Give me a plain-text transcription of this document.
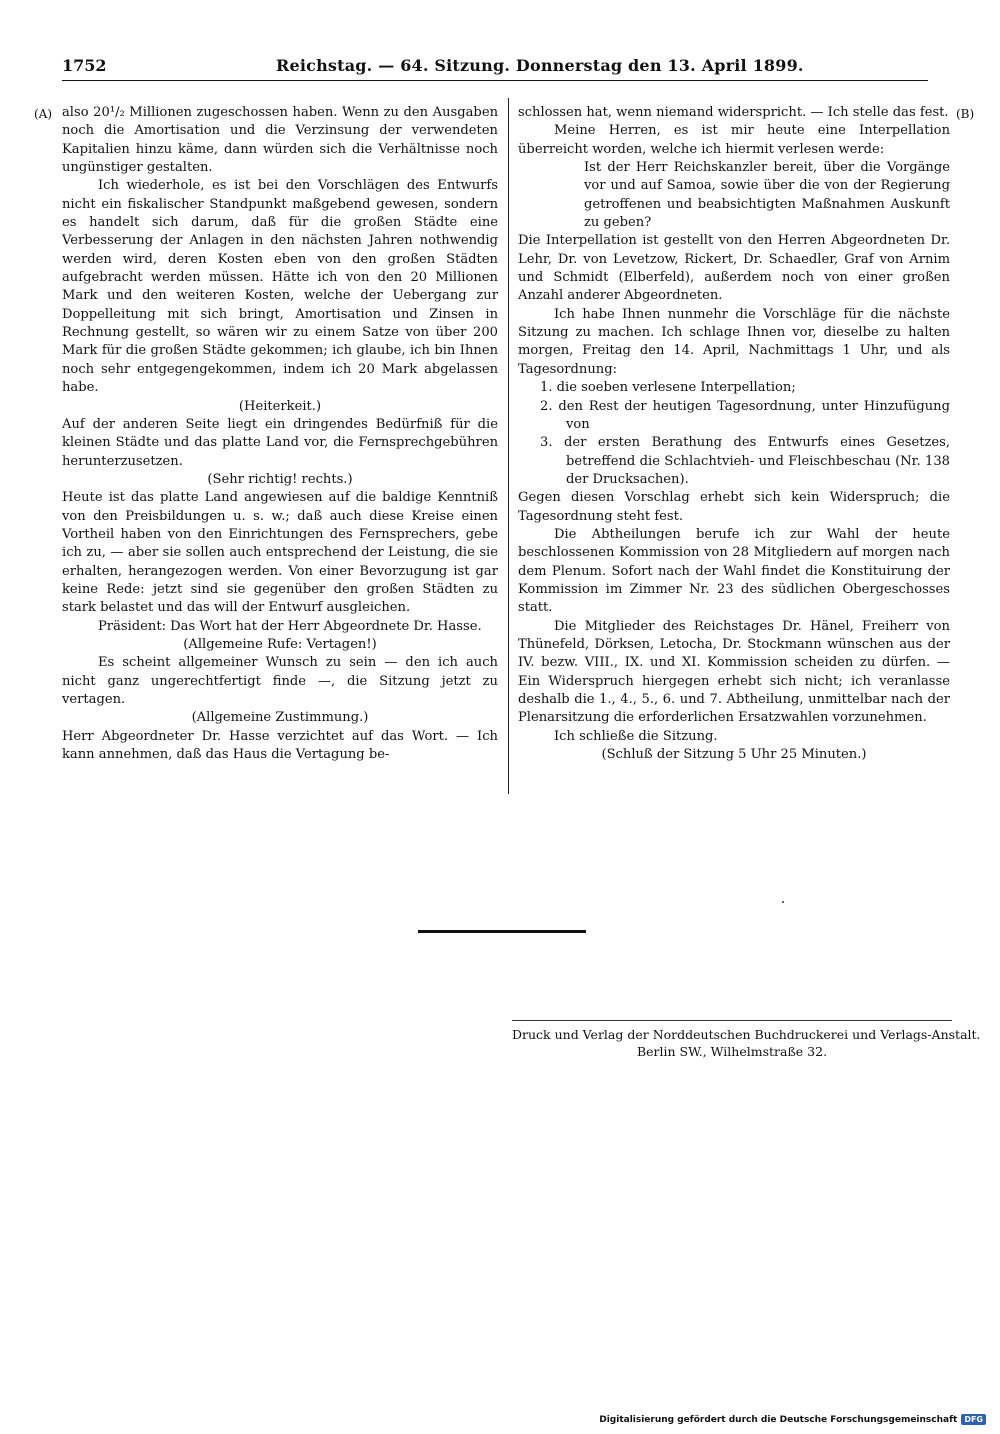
1752	Reichstag. — 64. Sitzung. Donnerstag den 13. April 1899.
(A)	(B)

also 20¹/₂ Millionen zugeschossen haben. Wenn zu den Ausgaben noch die Amortisation und die Verzinsung der verwendeten Kapitalien hinzu käme, dann würden sich die Verhältnisse noch ungünstiger gestalten.

Ich wiederhole, es ist bei den Vorschlägen des Entwurfs nicht ein fiskalischer Standpunkt maßgebend gewesen, sondern es handelt sich darum, daß für die großen Städte eine Verbesserung der Anlagen in den nächsten Jahren nothwendig werden wird, deren Kosten eben von den großen Städten aufgebracht werden müssen. Hätte ich von den 20 Millionen Mark und den weiteren Kosten, welche der Uebergang zur Doppelleitung mit sich bringt, Amortisation und Zinsen in Rechnung gestellt, so wären wir zu einem Satze von über 200 Mark für die großen Städte gekommen; ich glaube, ich bin Ihnen noch sehr entgegengekommen, indem ich 20 Mark abgelassen habe.

(Heiterkeit.)

Auf der anderen Seite liegt ein dringendes Bedürfniß für die kleinen Städte und das platte Land vor, die Fernsprechgebühren herunterzusetzen.

(Sehr richtig! rechts.)

Heute ist das platte Land angewiesen auf die baldige Kenntniß von den Preisbildungen u. s. w.; daß auch diese Kreise einen Vortheil haben von den Einrichtungen des Fernsprechers, gebe ich zu, — aber sie sollen auch entsprechend der Leistung, die sie erhalten, herangezogen werden. Von einer Bevorzugung ist gar keine Rede: jetzt sind sie gegenüber den großen Städten zu stark belastet und das will der Entwurf ausgleichen.

Präsident: Das Wort hat der Herr Abgeordnete Dr. Hasse.

(Allgemeine Rufe: Vertagen!)

Es scheint allgemeiner Wunsch zu sein — den ich auch nicht ganz ungerechtfertigt finde —, die Sitzung jetzt zu vertagen.

(Allgemeine Zustimmung.)

Herr Abgeordneter Dr. Hasse verzichtet auf das Wort. — Ich kann annehmen, daß das Haus die Vertagung be-

schlossen hat, wenn niemand widerspricht. — Ich stelle das fest.

Meine Herren, es ist mir heute eine Interpellation überreicht worden, welche ich hiermit verlesen werde:

Ist der Herr Reichskanzler bereit, über die Vorgänge vor und auf Samoa, sowie über die von der Regierung getroffenen und beabsichtigten Maßnahmen Auskunft zu geben?

Die Interpellation ist gestellt von den Herren Abgeordneten Dr. Lehr, Dr. von Levetzow, Rickert, Dr. Schaedler, Graf von Arnim und Schmidt (Elberfeld), außerdem noch von einer großen Anzahl anderer Abgeordneten.

Ich habe Ihnen nunmehr die Vorschläge für die nächste Sitzung zu machen. Ich schlage Ihnen vor, dieselbe zu halten morgen, Freitag den 14. April, Nachmittags 1 Uhr, und als Tagesordnung:

1. die soeben verlesene Interpellation;

2. den Rest der heutigen Tagesordnung, unter Hinzufügung von

3. der ersten Berathung des Entwurfs eines Gesetzes, betreffend die Schlachtvieh- und Fleischbeschau (Nr. 138 der Drucksachen).

Gegen diesen Vorschlag erhebt sich kein Widerspruch; die Tagesordnung steht fest.

Die Abtheilungen berufe ich zur Wahl der heute beschlossenen Kommission von 28 Mitgliedern auf morgen nach dem Plenum. Sofort nach der Wahl findet die Konstituirung der Kommission im Zimmer Nr. 23 des südlichen Obergeschosses statt.

Die Mitglieder des Reichstages Dr. Hänel, Freiherr von Thünefeld, Dörksen, Letocha, Dr. Stockmann wünschen aus der IV. bezw. VIII., IX. und XI. Kommission scheiden zu dürfen. — Ein Widerspruch hiergegen erhebt sich nicht; ich veranlasse deshalb die 1., 4., 5., 6. und 7. Abtheilung, unmittelbar nach der Plenarsitzung die erforderlichen Ersatzwahlen vorzunehmen.

Ich schließe die Sitzung.

(Schluß der Sitzung 5 Uhr 25 Minuten.)

Druck und Verlag der Norddeutschen Buchdruckerei und Verlags-Anstalt.
Berlin SW., Wilhelmstraße 32.
Digitalisierung gefördert durch die Deutsche Forschungsgemeinschaft DFG
